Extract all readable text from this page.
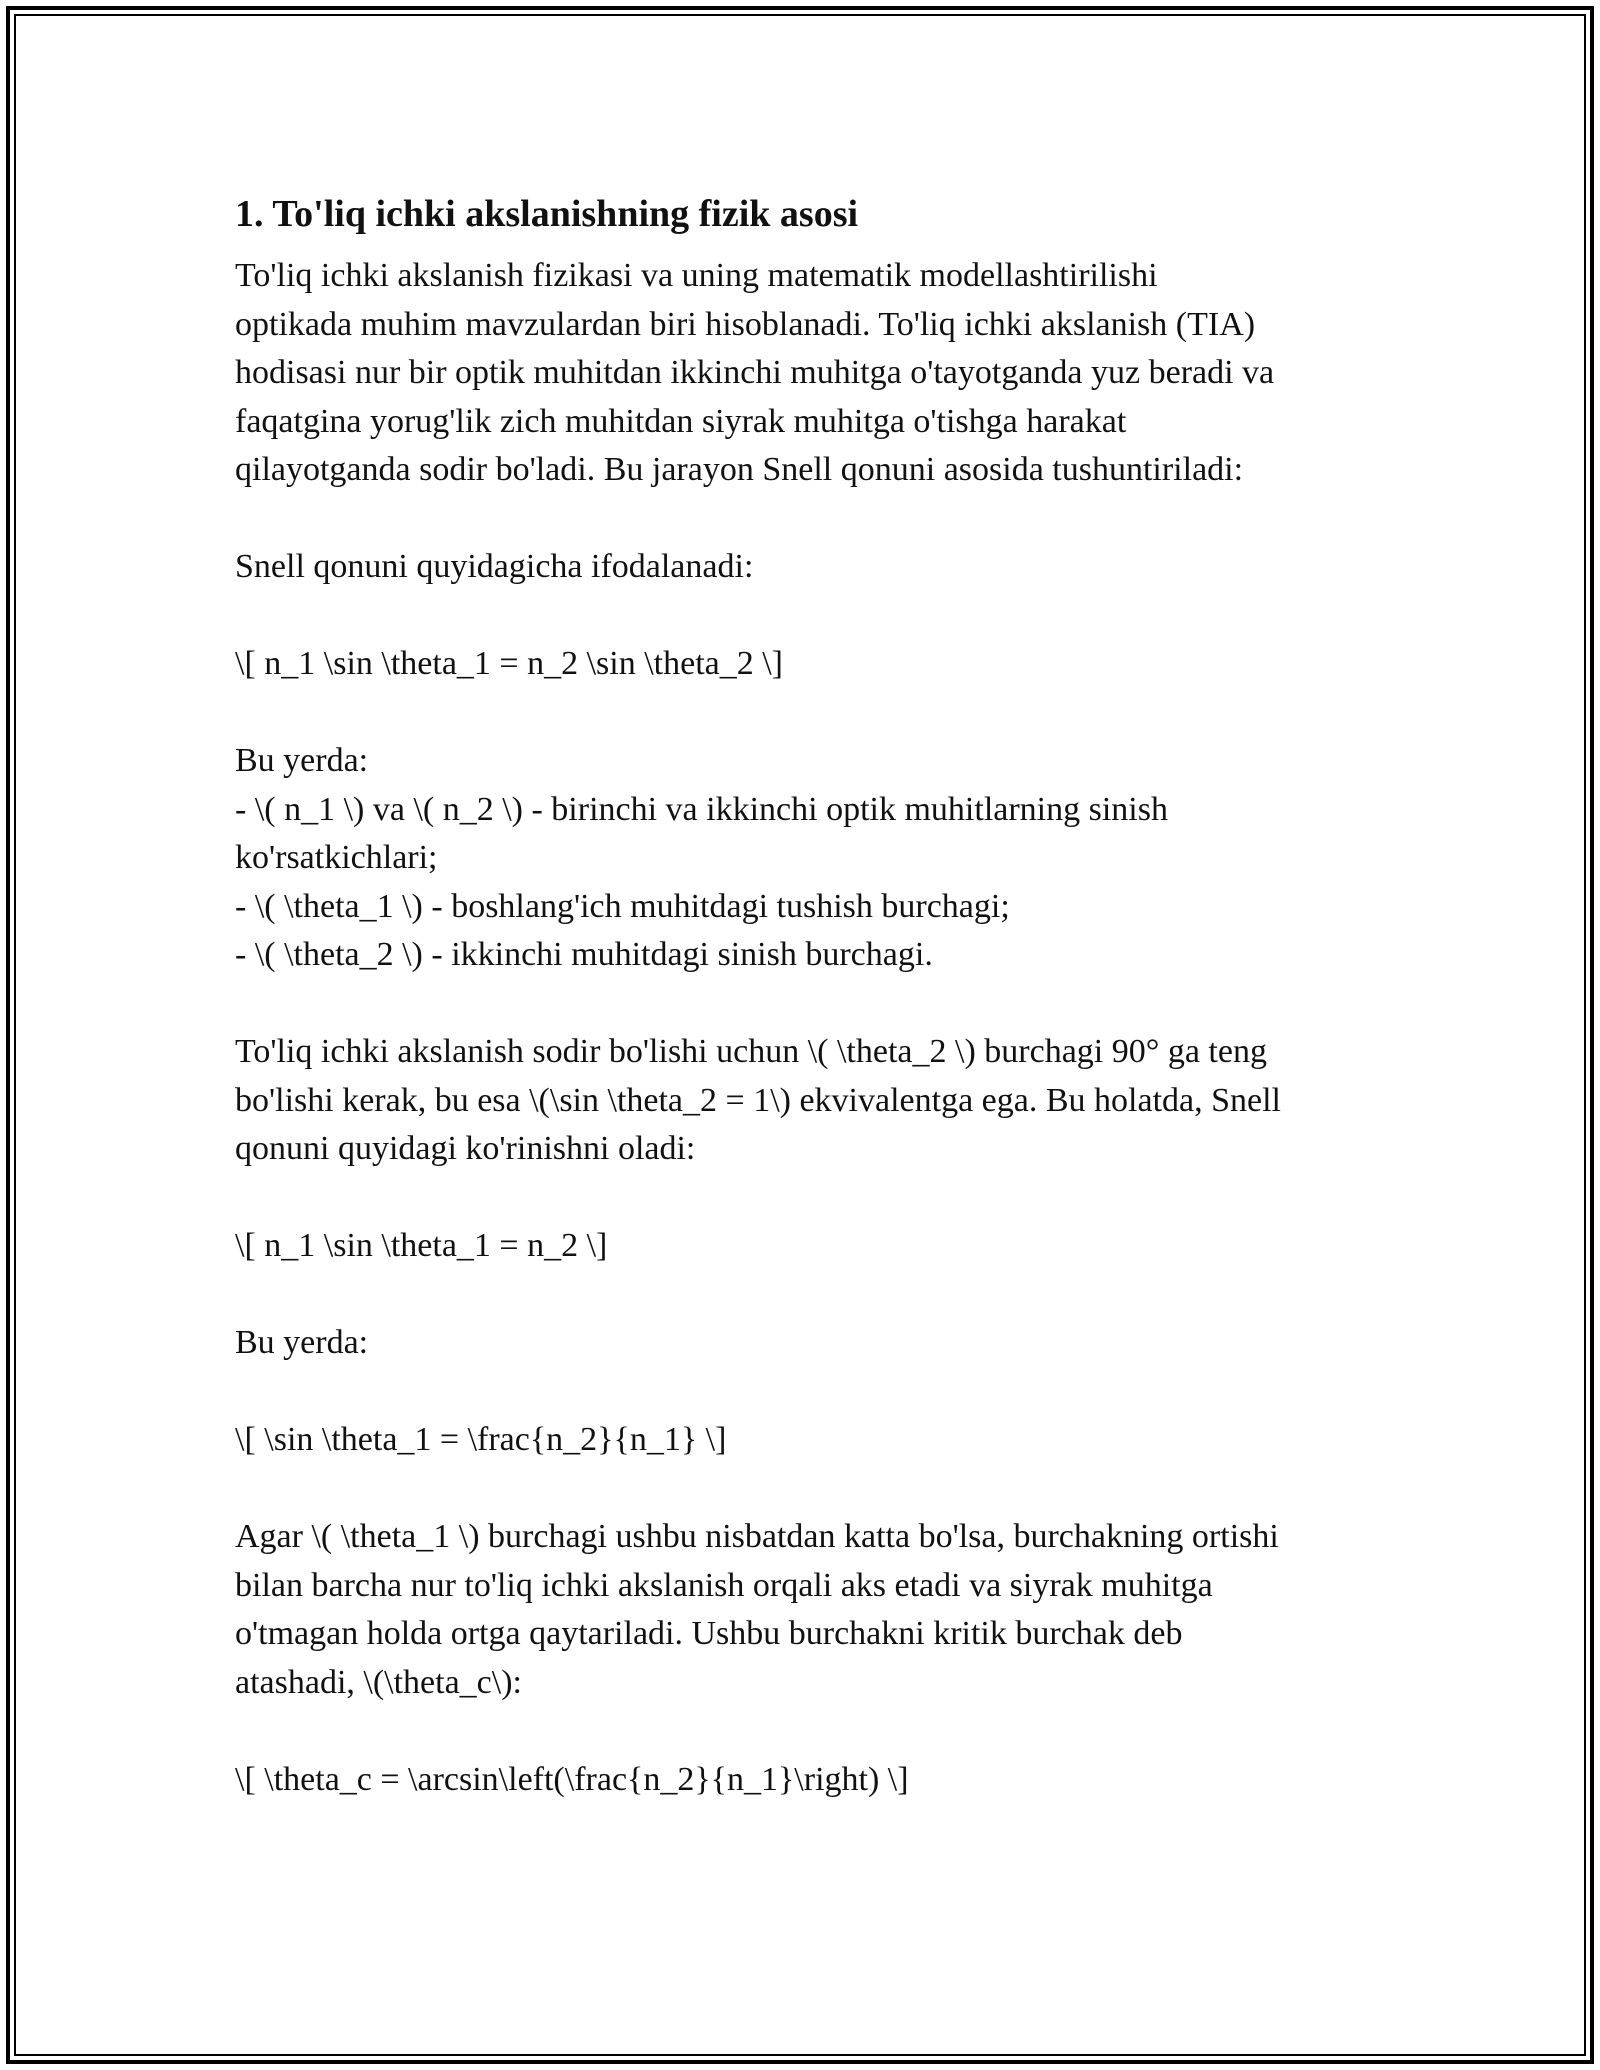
1. To'liq ichki akslanishning fizik asosi

To'liq ichki akslanish fizikasi va uning matematik modellashtirilishi
optikada muhim mavzulardan biri hisoblanadi. To'liq ichki akslanish (TIA)
hodisasi nur bir optik muhitdan ikkinchi muhitga o'tayotganda yuz beradi va
faqatgina yorug'lik zich muhitdan siyrak muhitga o'tishga harakat
qilayotganda sodir bo'ladi. Bu jarayon Snell qonuni asosida tushuntiriladi:

Snell qonuni quyidagicha ifodalanadi:

\[ n_1 \sin \theta_1 = n_2 \sin \theta_2 \]

Bu yerda:

- \( n_1 \) va \( n_2 \) - birinchi va ikkinchi optik muhitlarning sinish
ko'rsatkichlari;
- \( \theta_1 \) - boshlang'ich muhitdagi tushish burchagi;
- \( \theta_2 \) - ikkinchi muhitdagi sinish burchagi.

To'liq ichki akslanish sodir bo'lishi uchun \( \theta_2 \) burchagi 90° ga teng
bo'lishi kerak, bu esa \(\sin \theta_2 = 1\) ekvivalentga ega. Bu holatda, Snell
qonuni quyidagi ko'rinishni oladi:

\[ n_1 \sin \theta_1 = n_2 \]

Bu yerda:

\[ \sin \theta_1 = \frac{n_2}{n_1} \]

Agar \( \theta_1 \) burchagi ushbu nisbatdan katta bo'lsa, burchakning ortishi
bilan barcha nur to'liq ichki akslanish orqali aks etadi va siyrak muhitga
o'tmagan holda ortga qaytariladi. Ushbu burchakni kritik burchak deb
atashadi, \(\theta_c\):

\[ \theta_c = \arcsin\left(\frac{n_2}{n_1}\right) \]
